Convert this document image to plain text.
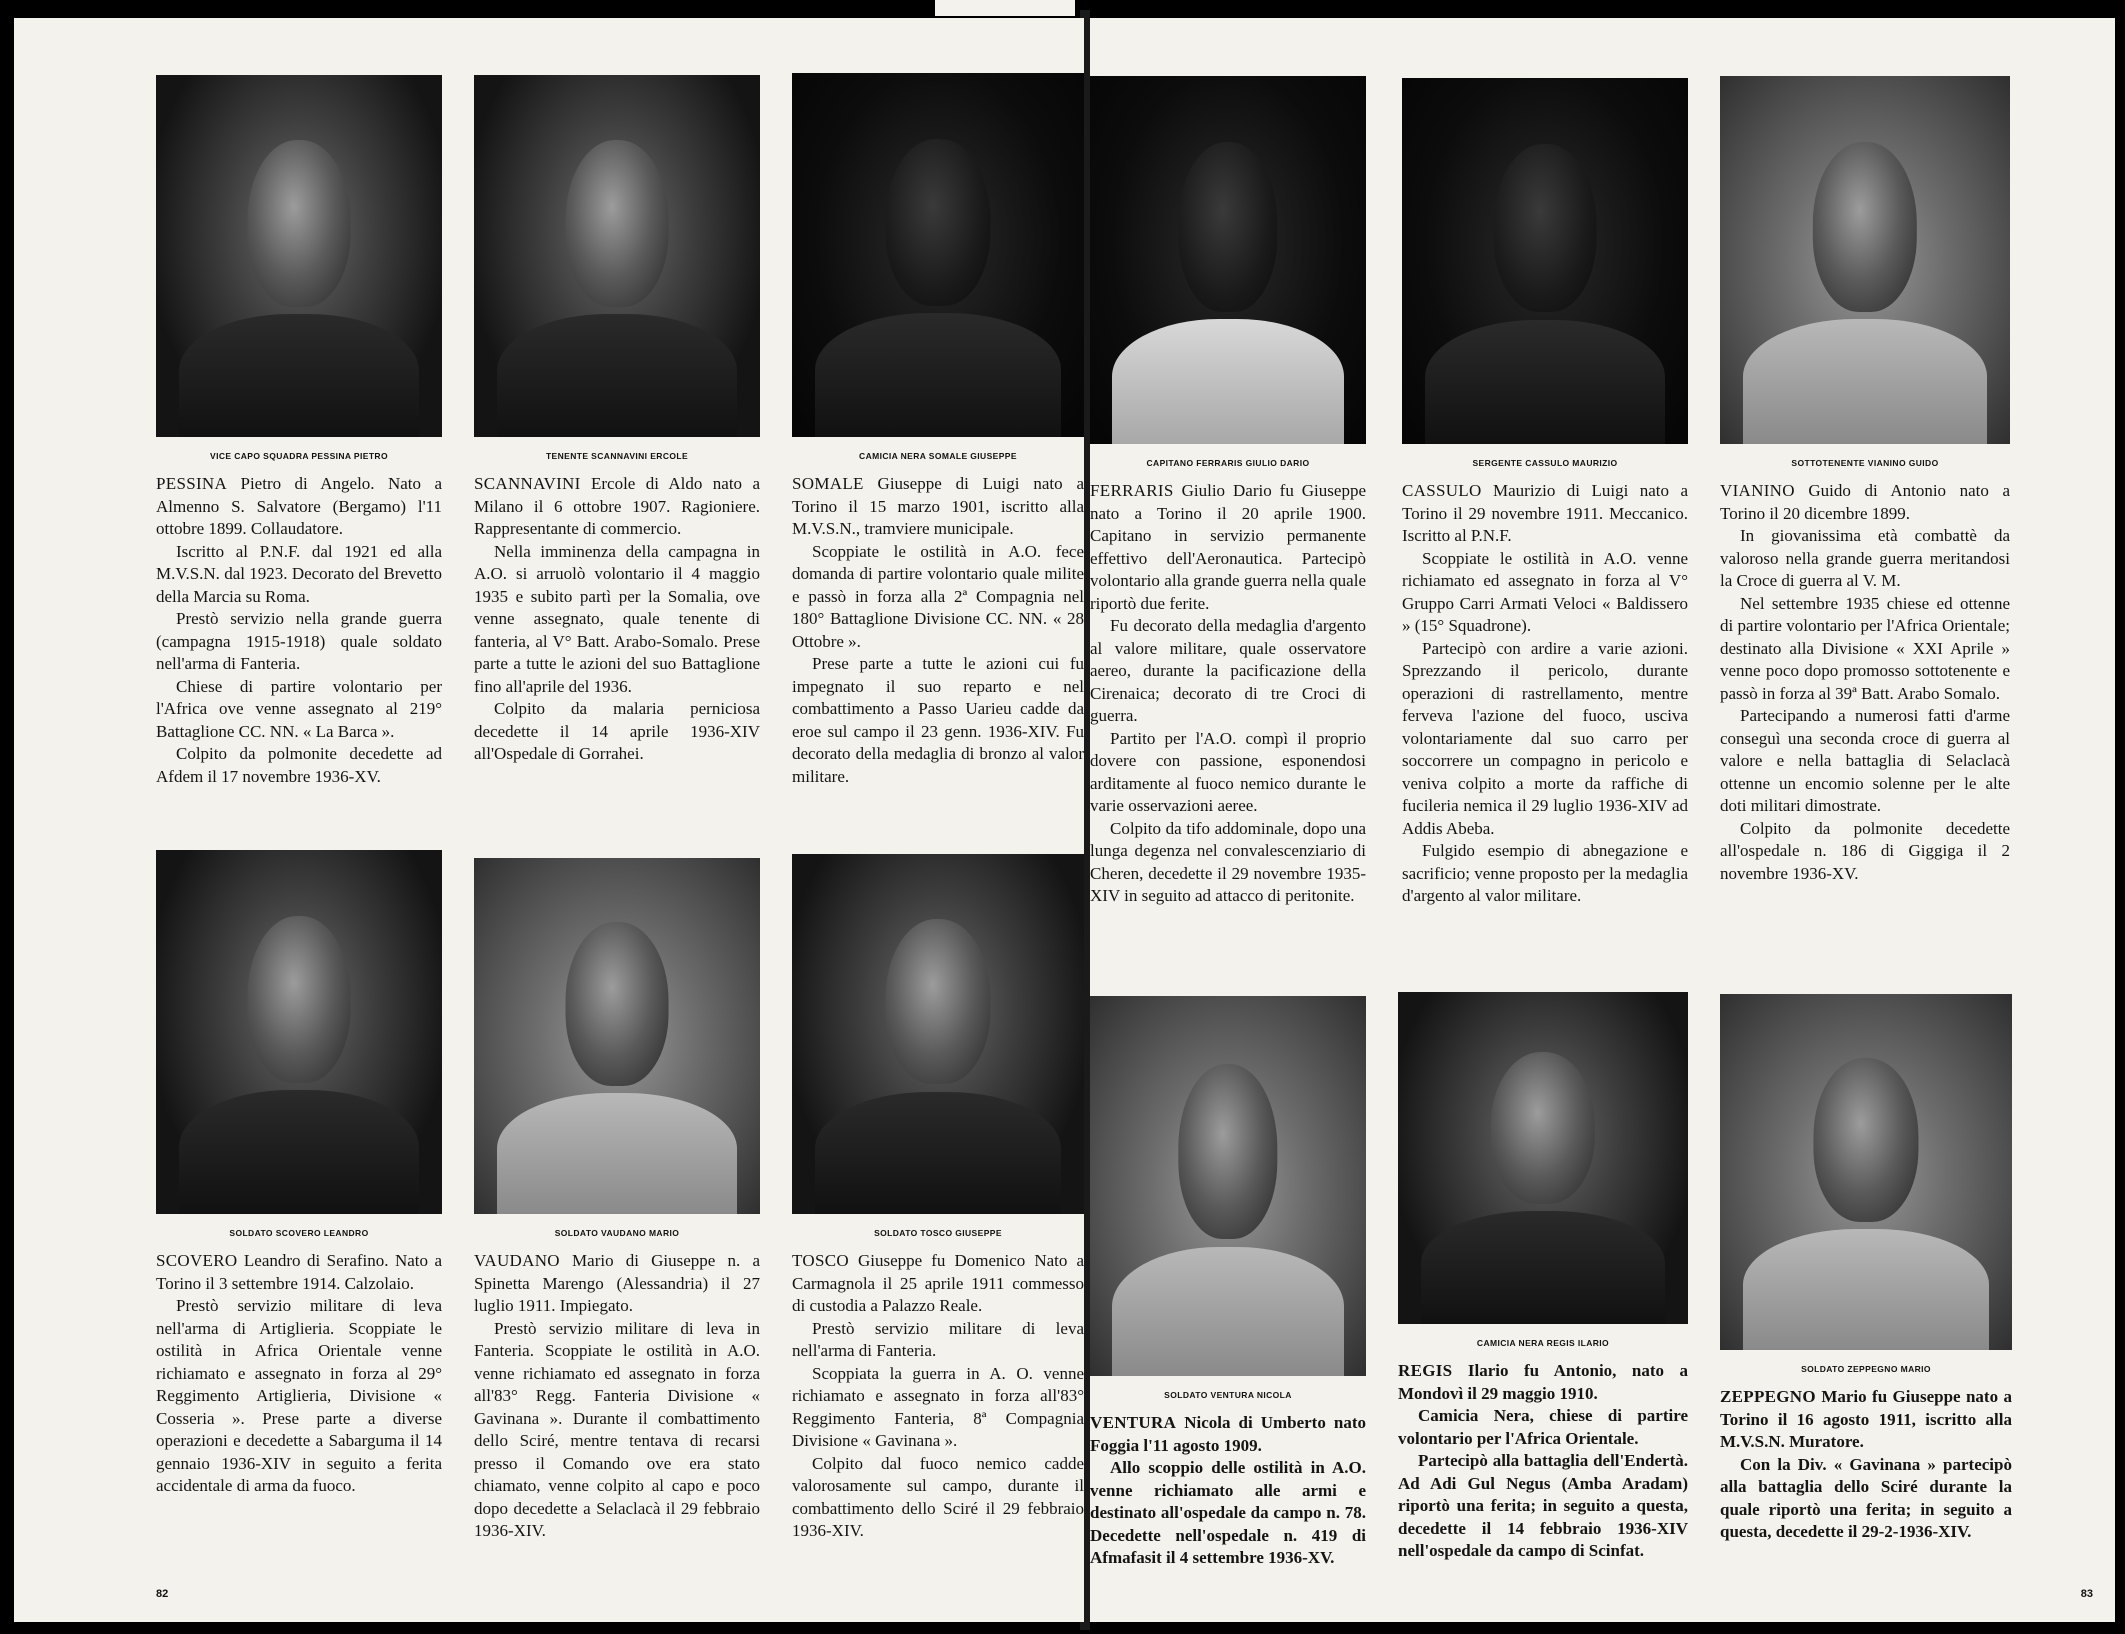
VICE CAPO SQUADRA PESSINA PIETRO

PESSINA Pietro di Angelo. Nato a Almenno S. Salvatore (Bergamo) l'11 ottobre 1899. Collaudatore.

Iscritto al P.N.F. dal 1921 ed alla M.V.S.N. dal 1923. Decorato del Brevetto della Marcia su Roma.

Prestò servizio nella grande guerra (campagna 1915-1918) quale soldato nell'arma di Fanteria.

Chiese di partire volontario per l'Africa ove venne assegnato al 219° Battaglione CC. NN. « La Barca ».

Colpito da polmonite decedette ad Afdem il 17 novembre 1936-XV.

TENENTE SCANNAVINI ERCOLE

SCANNAVINI Ercole di Aldo nato a Milano il 6 ottobre 1907. Ragioniere. Rappresentante di commercio.

Nella imminenza della campagna in A.O. si arruolò volontario il 4 maggio 1935 e subito partì per la Somalia, ove venne assegnato, quale tenente di fanteria, al V° Batt. Arabo-Somalo. Prese parte a tutte le azioni del suo Battaglione fino all'aprile del 1936.

Colpito da malaria perniciosa decedette il 14 aprile 1936-XIV all'Ospedale di Gorrahei.

CAMICIA NERA SOMALE GIUSEPPE

SOMALE Giuseppe di Luigi nato a Torino il 15 marzo 1901, iscritto alla M.V.S.N., tramviere municipale.

Scoppiate le ostilità in A.O. fece domanda di partire volontario quale milite e passò in forza alla 2ª Compagnia nel 180° Battaglione Divisione CC. NN. « 28 Ottobre ».

Prese parte a tutte le azioni cui fu impegnato il suo reparto e nel combattimento a Passo Uarieu cadde da eroe sul campo il 23 genn. 1936-XIV. Fu decorato della medaglia di bronzo al valor militare.

SOLDATO SCOVERO LEANDRO

SCOVERO Leandro di Serafino. Nato a Torino il 3 settembre 1914. Calzolaio.

Prestò servizio militare di leva nell'arma di Artiglieria. Scoppiate le ostilità in Africa Orientale venne richiamato e assegnato in forza al 29° Reggimento Artiglieria, Divisione « Cosseria ». Prese parte a diverse operazioni e decedette a Sabarguma il 14 gennaio 1936-XIV in seguito a ferita accidentale di arma da fuoco.

SOLDATO VAUDANO MARIO

VAUDANO Mario di Giuseppe n. a Spinetta Marengo (Alessandria) il 27 luglio 1911. Impiegato.

Prestò servizio militare di leva in Fanteria. Scoppiate le ostilità in A.O. venne richiamato ed assegnato in forza all'83° Regg. Fanteria Divisione « Gavinana ». Durante il combattimento dello Sciré, mentre tentava di recarsi presso il Comando ove era stato chiamato, venne colpito al capo e poco dopo decedette a Selaclacà il 29 febbraio 1936-XIV.

SOLDATO TOSCO GIUSEPPE

TOSCO Giuseppe fu Domenico Nato a Carmagnola il 25 aprile 1911 commesso di custodia a Palazzo Reale.

Prestò servizio militare di leva nell'arma di Fanteria.

Scoppiata la guerra in A. O. venne richiamato e assegnato in forza all'83° Reggimento Fanteria, 8ª Compagnia Divisione « Gavinana ».

Colpito dal fuoco nemico cadde valorosamente sul campo, durante il combattimento dello Sciré il 29 febbraio 1936-XIV.

82
CAPITANO FERRARIS GIULIO DARIO

FERRARIS Giulio Dario fu Giuseppe nato a Torino il 20 aprile 1900. Capitano in servizio permanente effettivo dell'Aeronautica. Partecipò volontario alla grande guerra nella quale riportò due ferite.

Fu decorato della medaglia d'argento al valore militare, quale osservatore aereo, durante la pacificazione della Cirenaica; decorato di tre Croci di guerra.

Partito per l'A.O. compì il proprio dovere con passione, esponendosi arditamente al fuoco nemico durante le varie osservazioni aeree.

Colpito da tifo addominale, dopo una lunga degenza nel convalescenziario di Cheren, decedette il 29 novembre 1935-XIV in seguito ad attacco di peritonite.

SERGENTE CASSULO MAURIZIO

CASSULO Maurizio di Luigi nato a Torino il 29 novembre 1911. Meccanico. Iscritto al P.N.F.

Scoppiate le ostilità in A.O. venne richiamato ed assegnato in forza al V° Gruppo Carri Armati Veloci « Baldissero » (15° Squadrone).

Partecipò con ardire a varie azioni. Sprezzando il pericolo, durante operazioni di rastrellamento, mentre ferveva l'azione del fuoco, usciva volontariamente dal suo carro per soccorrere un compagno in pericolo e veniva colpito a morte da raffiche di fucileria nemica il 29 luglio 1936-XIV ad Addis Abeba.

Fulgido esempio di abnegazione e sacrificio; venne proposto per la medaglia d'argento al valor militare.

SOTTOTENENTE VIANINO GUIDO

VIANINO Guido di Antonio nato a Torino il 20 dicembre 1899.

In giovanissima età combattè da valoroso nella grande guerra meritandosi la Croce di guerra al V. M.

Nel settembre 1935 chiese ed ottenne di partire volontario per l'Africa Orientale; destinato alla Divisione « XXI Aprile » venne poco dopo promosso sottotenente e passò in forza al 39ª Batt. Arabo Somalo.

Partecipando a numerosi fatti d'arme conseguì una seconda croce di guerra al valore e nella battaglia di Selaclacà ottenne un encomio solenne per le alte doti militari dimostrate.

Colpito da polmonite decedette all'ospedale n. 186 di Giggiga il 2 novembre 1936-XV.

SOLDATO VENTURA NICOLA

VENTURA Nicola di Umberto nato Foggia l'11 agosto 1909.

Allo scoppio delle ostilità in A.O. venne richiamato alle armi e destinato all'ospedale da campo n. 78. Decedette nell'ospedale n. 419 di Afmafasit il 4 settembre 1936-XV.

CAMICIA NERA REGIS ILARIO

REGIS Ilario fu Antonio, nato a Mondovì il 29 maggio 1910.

Camicia Nera, chiese di partire volontario per l'Africa Orientale.

Partecipò alla battaglia dell'Endertà. Ad Adi Gul Negus (Amba Aradam) riportò una ferita; in seguito a questa, decedette il 14 febbraio 1936-XIV nell'ospedale da campo di Scinfat.

SOLDATO ZEPPEGNO MARIO

ZEPPEGNO Mario fu Giuseppe nato a Torino il 16 agosto 1911, iscritto alla M.V.S.N. Muratore.

Con la Div. « Gavinana » partecipò alla battaglia dello Sciré durante la quale riportò una ferita; in seguito a questa, decedette il 29-2-1936-XIV.

83
